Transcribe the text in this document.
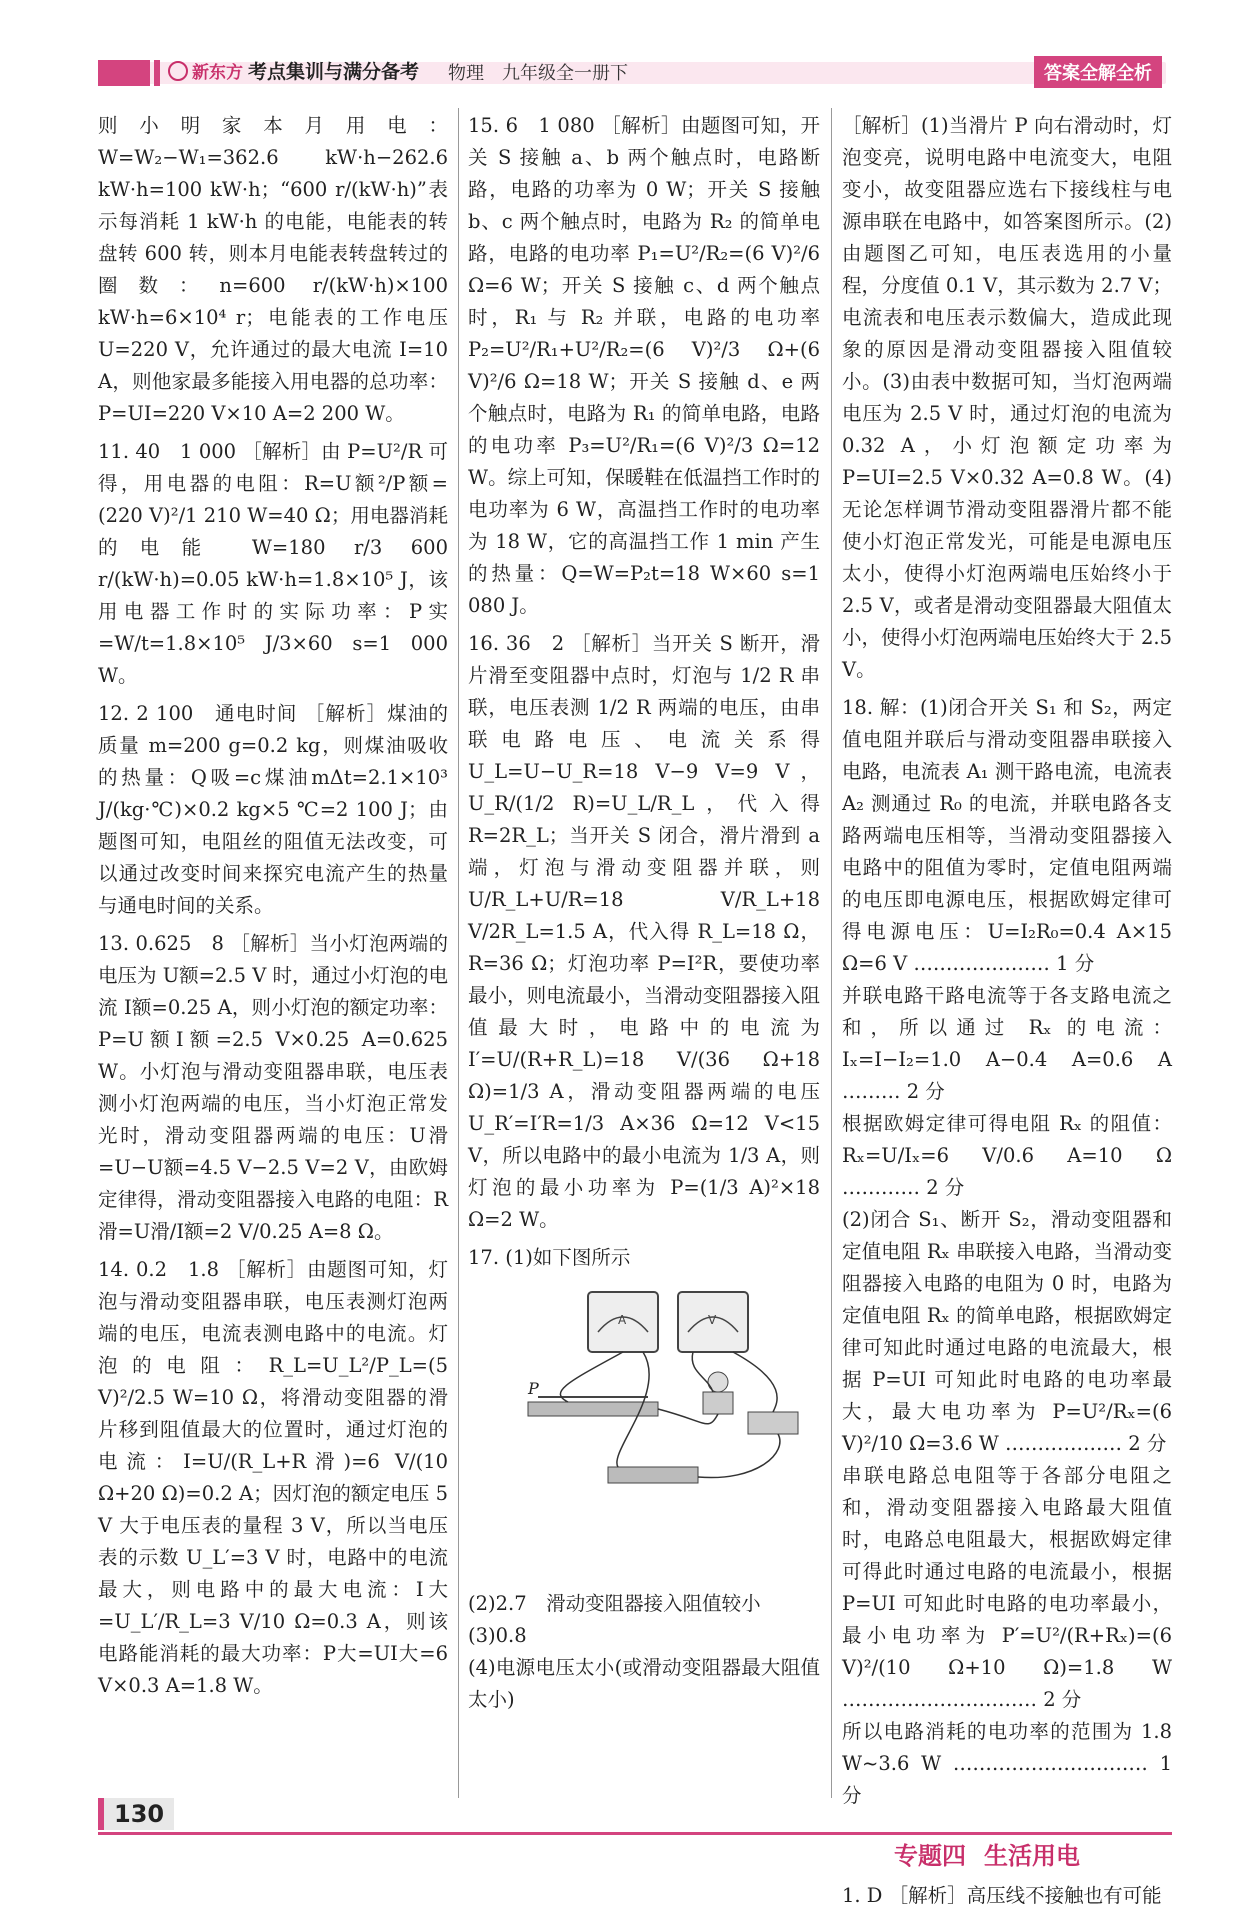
新东方 考点集训与满分备考 物理　九年级全一册下	答案全解全析

则小明家本月用电：W=W₂−W₁=362.6 kW·h−262.6 kW·h=100 kW·h；“600 r/(kW·h)”表示每消耗 1 kW·h 的电能，电能表的转盘转 600 转，则本月电能表转盘转过的圈数：n=600 r/(kW·h)×100 kW·h=6×10⁴ r；电能表的工作电压 U=220 V，允许通过的最大电流 I=10 A，则他家最多能接入用电器的总功率：P=UI=220 V×10 A=2 200 W。

11. 40　1 000 ［解析］由 P=U²/R 可得，用电器的电阻：R=U额²/P额=(220 V)²/1 210 W=40 Ω；用电器消耗的电能 W=180 r/3 600 r/(kW·h)=0.05 kW·h=1.8×10⁵ J，该用电器工作时的实际功率：P实=W/t=1.8×10⁵ J/3×60 s=1 000 W。

12. 2 100　通电时间 ［解析］煤油的质量 m=200 g=0.2 kg，则煤油吸收的热量：Q吸=c煤油mΔt=2.1×10³ J/(kg·℃)×0.2 kg×5 ℃=2 100 J；由题图可知，电阻丝的阻值无法改变，可以通过改变时间来探究电流产生的热量与通电时间的关系。

13. 0.625　8 ［解析］当小灯泡两端的电压为 U额=2.5 V 时，通过小灯泡的电流 I额=0.25 A，则小灯泡的额定功率：P=U额I额=2.5 V×0.25 A=0.625 W。小灯泡与滑动变阻器串联，电压表测小灯泡两端的电压，当小灯泡正常发光时，滑动变阻器两端的电压：U滑=U−U额=4.5 V−2.5 V=2 V，由欧姆定律得，滑动变阻器接入电路的电阻：R滑=U滑/I额=2 V/0.25 A=8 Ω。

14. 0.2　1.8 ［解析］由题图可知，灯泡与滑动变阻器串联，电压表测灯泡两端的电压，电流表测电路中的电流。灯泡的电阻：R_L=U_L²/P_L=(5 V)²/2.5 W=10 Ω，将滑动变阻器的滑片移到阻值最大的位置时，通过灯泡的电流：I=U/(R_L+R滑)=6 V/(10 Ω+20 Ω)=0.2 A；因灯泡的额定电压 5 V 大于电压表的量程 3 V，所以当电压表的示数 U_L′=3 V 时，电路中的电流最大，则电路中的最大电流：I大=U_L′/R_L=3 V/10 Ω=0.3 A，则该电路能消耗的最大功率：P大=UI大=6 V×0.3 A=1.8 W。

15. 6　1 080 ［解析］由题图可知，开关 S 接触 a、b 两个触点时，电路断路，电路的功率为 0 W；开关 S 接触 b、c 两个触点时，电路为 R₂ 的简单电路，电路的电功率 P₁=U²/R₂=(6 V)²/6 Ω=6 W；开关 S 接触 c、d 两个触点时，R₁ 与 R₂ 并联，电路的电功率 P₂=U²/R₁+U²/R₂=(6 V)²/3 Ω+(6 V)²/6 Ω=18 W；开关 S 接触 d、e 两个触点时，电路为 R₁ 的简单电路，电路的电功率 P₃=U²/R₁=(6 V)²/3 Ω=12 W。综上可知，保暖鞋在低温挡工作时的电功率为 6 W，高温挡工作时的电功率为 18 W，它的高温挡工作 1 min 产生的热量：Q=W=P₂t=18 W×60 s=1 080 J。

16. 36　2 ［解析］当开关 S 断开，滑片滑至变阻器中点时，灯泡与 1/2 R 串联，电压表测 1/2 R 两端的电压，由串联电路电压、电流关系得 U_L=U−U_R=18 V−9 V=9 V，U_R/(1/2 R)=U_L/R_L，代入得 R=2R_L；当开关 S 闭合，滑片滑到 a 端，灯泡与滑动变阻器并联，则 U/R_L+U/R=18 V/R_L+18 V/2R_L=1.5 A，代入得 R_L=18 Ω，R=36 Ω；灯泡功率 P=I²R，要使功率最小，则电流最小，当滑动变阻器接入阻值最大时，电路中的电流为 I′=U/(R+R_L)=18 V/(36 Ω+18 Ω)=1/3 A，滑动变阻器两端的电压 U_R′=I′R=1/3 A×36 Ω=12 V<15 V，所以电路中的最小电流为 1/3 A，则灯泡的最小功率为 P=(1/3 A)²×18 Ω=2 W。

17. (1)如下图所示

A	V
P

(2)2.7　滑动变阻器接入阻值较小

(3)0.8

(4)电源电压太小(或滑动变阻器最大阻值太小)

［解析］(1)当滑片 P 向右滑动时，灯泡变亮，说明电路中电流变大，电阻变小，故变阻器应选右下接线柱与电源串联在电路中，如答案图所示。(2)由题图乙可知，电压表选用的小量程，分度值 0.1 V，其示数为 2.7 V；电流表和电压表示数偏大，造成此现象的原因是滑动变阻器接入阻值较小。(3)由表中数据可知，当灯泡两端电压为 2.5 V 时，通过灯泡的电流为 0.32 A，小灯泡额定功率为 P=UI=2.5 V×0.32 A=0.8 W。(4)无论怎样调节滑动变阻器滑片都不能使小灯泡正常发光，可能是电源电压太小，使得小灯泡两端电压始终小于 2.5 V，或者是滑动变阻器最大阻值太小，使得小灯泡两端电压始终大于 2.5 V。

18. 解：(1)闭合开关 S₁ 和 S₂，两定值电阻并联后与滑动变阻器串联接入电路，电流表 A₁ 测干路电流，电流表 A₂ 测通过 R₀ 的电流，并联电路各支路两端电压相等，当滑动变阻器接入电路中的阻值为零时，定值电阻两端的电压即电源电压，根据欧姆定律可得电源电压：U=I₂R₀=0.4 A×15 Ω=6 V ………………… 1 分

并联电路干路电流等于各支路电流之和，所以通过 Rₓ 的电流：Iₓ=I−I₂=1.0 A−0.4 A=0.6 A ……… 2 分

根据欧姆定律可得电阻 Rₓ 的阻值：Rₓ=U/Iₓ=6 V/0.6 A=10 Ω ………… 2 分

(2)闭合 S₁、断开 S₂，滑动变阻器和定值电阻 Rₓ 串联接入电路，当滑动变阻器接入电路的电阻为 0 时，电路为定值电阻 Rₓ 的简单电路，根据欧姆定律可知此时通过电路的电流最大，根据 P=UI 可知此时电路的电功率最大，最大电功率为 P=U²/Rₓ=(6 V)²/10 Ω=3.6 W ……………… 2 分

串联电路总电阻等于各部分电阻之和，滑动变阻器接入电路最大阻值时，电路总电阻最大，根据欧姆定律可得此时通过电路的电流最小，根据 P=UI 可知此时电路的电功率最小，最小电功率为 P′=U²/(R+Rₓ)=(6 V)²/(10 Ω+10 Ω)=1.8 W ………………………… 2 分

所以电路消耗的电功率的范围为 1.8 W~3.6 W ………………………… 1 分

专题四 生活用电

1. D ［解析］高压线不接触也有可能

130
